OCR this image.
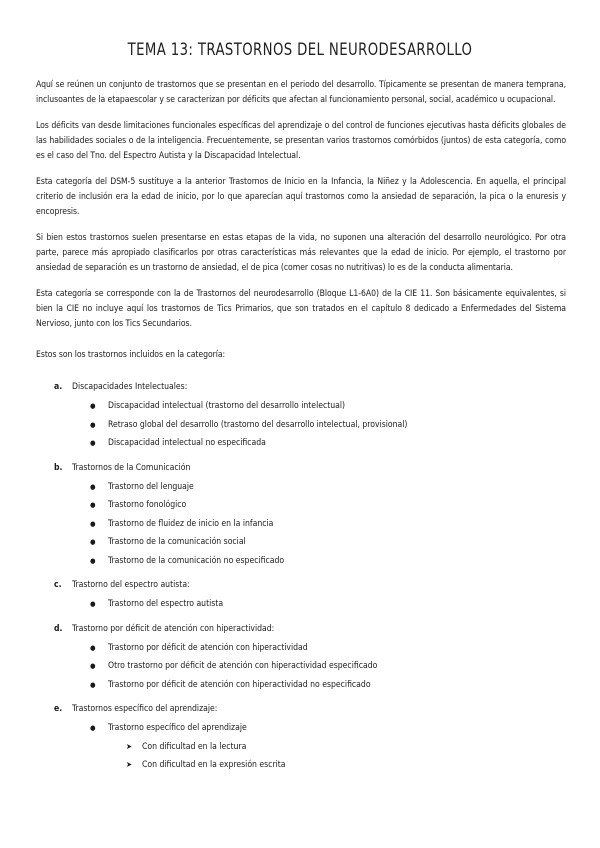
TEMA 13: TRASTORNOS DEL NEURODESARROLLO

Aquí se reúnen un conjunto de trastornos que se presentan en el periodo del desarrollo. Típicamente se presentan de manera temprana, inclusoantes de la etapaescolar y se caracterizan por déficits que afectan al funcionamiento personal, social, académico u ocupacional.

Los déficits van desde limitaciones funcionales específicas del aprendizaje o del control de funciones ejecutivas hasta déficits globales de las habilidades sociales o de la inteligencia. Frecuentemente, se presentan varios trastornos comórbidos (juntos) de esta categoría, como es el caso del Tno. del Espectro Autista y la Discapacidad Intelectual.

Esta categoría del DSM-5 sustituye a la anterior Trastornos de Inicio en la Infancia, la Niñez y la Adolescencia. En aquella, el principal criterio de inclusión era la edad de inicio, por lo que aparecían aquí trastornos como la ansiedad de separación, la pica o la enuresis y encopresis.

Si bien estos trastornos suelen presentarse en estas etapas de la vida, no suponen una alteración del desarrollo neurológico. Por otra parte, parece más apropiado clasificarlos por otras características más relevantes que la edad de inicio. Por ejemplo, el trastorno por ansiedad de separación es un trastorno de ansiedad, el de pica (comer cosas no nutritivas) lo es de la conducta alimentaria.

Esta categoría se corresponde con la de Trastornos del neurodesarrollo (Bloque L1-6A0) de la CIE 11. Son básicamente equivalentes, si bien la CIE no incluye aquí los trastornos de Tics Primarios, que son tratados en el capítulo 8 dedicado a Enfermedades del Sistema Nervioso, junto con los Tics Secundarios.

Estos son los trastornos incluidos en la categoría:

a.	Discapacidades Intelectuales:
●	Discapacidad intelectual (trastorno del desarrollo intelectual)
●	Retraso global del desarrollo (trastorno del desarrollo intelectual, provisional)
●	Discapacidad intelectual no especificada
b.	Trastornos de la Comunicación
●	Trastorno del lenguaje
●	Trastorno fonológico
●	Trastorno de fluidez de inicio en la infancia
●	Trastorno de la comunicación social
●	Trastorno de la comunicación no especificado
c.	Trastorno del espectro autista:
●	Trastorno del espectro autista
d.	Trastorno por déficit de atención con hiperactividad:
●	Trastorno por déficit de atención con hiperactividad
●	Otro trastorno por déficit de atención con hiperactividad especificado
●	Trastorno por déficit de atención con hiperactividad no especificado
e.	Trastornos específico del aprendizaje:
●	Trastorno específico del aprendizaje
➤	Con dificultad en la lectura
➤	Con dificultad en la expresión escrita
